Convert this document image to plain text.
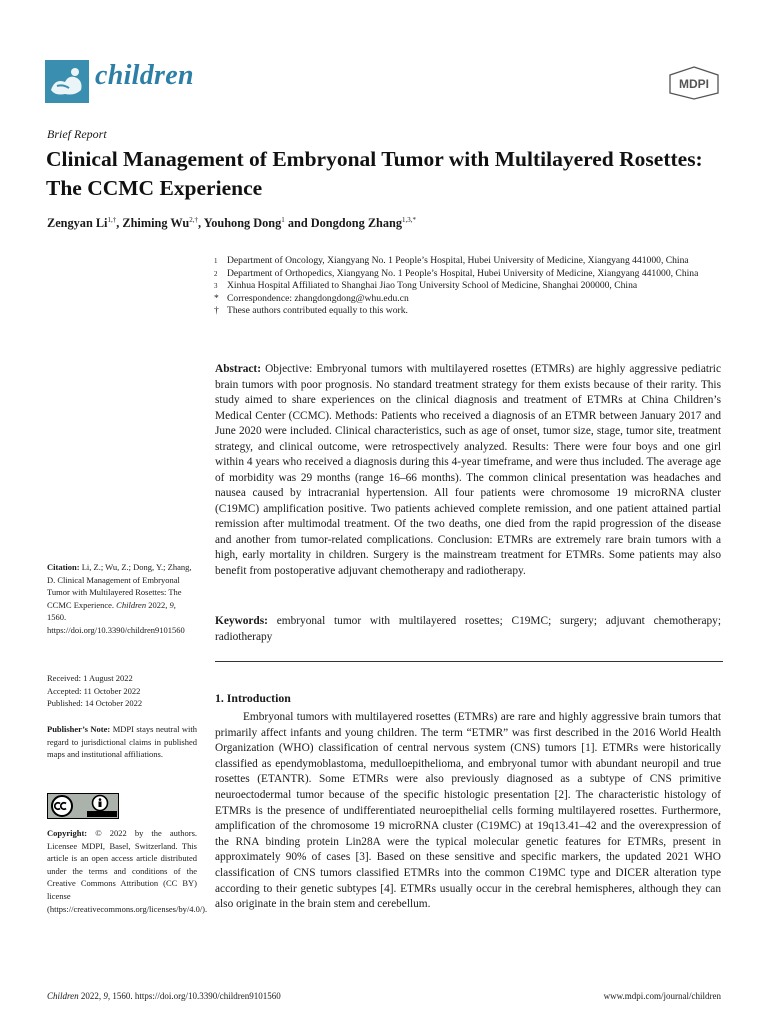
children	MDPI
Brief Report
Clinical Management of Embryonal Tumor with Multilayered Rosettes: The CCMC Experience
Zengyan $Li^{1,\dagger}$, Zhiming $Wu^{2,\dagger}$, Youhong Dong$^1$ and Dongdong Zhang$^{1,3,*}$
1 Department of Oncology, Xiangyang No. 1 People’s Hospital, Hubei University of Medicine, Xiangyang 441000, China
2 Department of Orthopedics, Xiangyang No. 1 People’s Hospital, Hubei University of Medicine, Xiangyang 441000, China
3 Xinhua Hospital Affiliated to Shanghai Jiao Tong University School of Medicine, Shanghai 200000, China
* Correspondence: zhangdongdong@whu.edu.cn
† These authors contributed equally to this work.
Abstract: Objective: Embryonal tumors with multilayered rosettes (ETMRs) are highly aggressive pediatric brain tumors with poor prognosis. No standard treatment strategy for them exists because of their rarity. This study aimed to share experiences on the clinical diagnosis and treatment of ETMRs at China Children’s Medical Center (CCMC). Methods: Patients who received a diagnosis of an ETMR between January 2017 and June 2020 were included. Clinical characteristics, such as age of onset, tumor size, stage, tumor site, treatment strategy, and clinical outcome, were retrospectively analyzed. Results: There were four boys and one girl within 4 years who received a diagnosis during this 4-year timeframe, and were thus included. The average age of morbidity was 29 months (range 16–66 months). The common clinical presentation was headaches and nausea caused by intracranial hypertension. All four patients were chromosome 19 microRNA cluster (C19MC) amplification positive. Two patients achieved complete remission, and one patient attained partial remission after multimodal treatment. Of the two deaths, one died from the rapid progression of the disease and another from tumor-related complications. Conclusion: ETMRs are extremely rare brain tumors with a high, early mortality in children. Surgery is the mainstream treatment for ETMRs. Some patients may also benefit from postoperative adjuvant chemotherapy and radiotherapy.
Keywords: embryonal tumor with multilayered rosettes; C19MC; surgery; adjuvant chemotherapy; radiotherapy
Citation: Li, Z.; Wu, Z.; Dong, Y.; Zhang, D. Clinical Management of Embryonal Tumor with Multilayered Rosettes: The CCMC Experience. Children 2022, 9, 1560. https://doi.org/10.3390/children9101560
Received: 1 August 2022
Accepted: 11 October 2022
Published: 14 October 2022
Publisher’s Note: MDPI stays neutral with regard to jurisdictional claims in published maps and institutional affiliations.
Copyright: © 2022 by the authors. Licensee MDPI, Basel, Switzerland. This article is an open access article distributed under the terms and conditions of the Creative Commons Attribution (CC BY) license (https://creativecommons.org/licenses/by/4.0/).
1. Introduction
Embryonal tumors with multilayered rosettes (ETMRs) are rare and highly aggressive brain tumors that primarily affect infants and young children. The term “ETMR” was first described in the 2016 World Health Organization (WHO) classification of central nervous system (CNS) tumors [1]. ETMRs were historically classified as ependymoblastoma, medulloepithelioma, and embryonal tumor with abundant neuropil and true rosettes (ETANTR). Some ETMRs were also previously diagnosed as a subtype of CNS primitive neuroectodermal tumor because of the specific histologic presentation [2]. The characteristic histology of ETMRs is the presence of undifferentiated neuroepithelial cells forming multilayered rosettes. Furthermore, amplification of the chromosome 19 microRNA cluster (C19MC) at 19q13.41–42 and the overexpression of the RNA binding protein Lin28A were the typical molecular genetic features for ETMRs, present in approximately 90% of cases [3]. Based on these sensitive and specific markers, the updated 2021 WHO classification of CNS tumors classified ETMRs into the common C19MC type and DICER alteration type according to their genetic subtypes [4]. ETMRs usually occur in the cerebral hemispheres, although they can also originate in the brain stem and cerebellum.
Children 2022, 9, 1560. https://doi.org/10.3390/children9101560	www.mdpi.com/journal/children
